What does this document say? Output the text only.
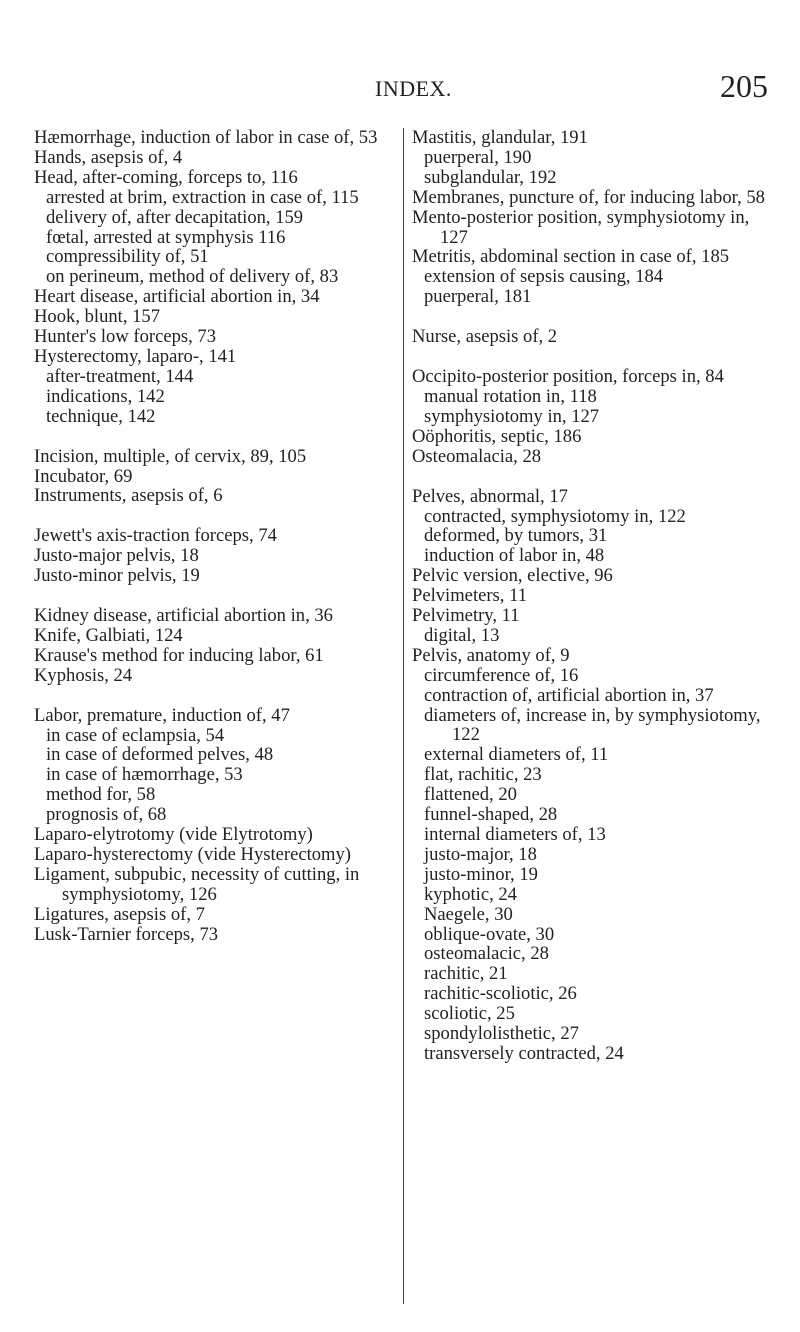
INDEX.	205

Hæmorrhage, induction of labor in case of, 53

Hands, asepsis of, 4

Head, after-coming, forceps to, 116

arrested at brim, extraction in case of, 115

delivery of, after decapitation, 159

fœtal, arrested at symphysis 116

compressibility of, 51

on perineum, method of delivery of, 83

Heart disease, artificial abortion in, 34

Hook, blunt, 157

Hunter's low forceps, 73

Hysterectomy, laparo-, 141

after-treatment, 144

indications, 142

technique, 142

Incision, multiple, of cervix, 89, 105

Incubator, 69

Instruments, asepsis of, 6

Jewett's axis-traction forceps, 74

Justo-major pelvis, 18

Justo-minor pelvis, 19

Kidney disease, artificial abortion in, 36

Knife, Galbiati, 124

Krause's method for inducing labor, 61

Kyphosis, 24

Labor, premature, induction of, 47

in case of eclampsia, 54

in case of deformed pelves, 48

in case of hæmorrhage, 53

method for, 58

prognosis of, 68

Laparo-elytrotomy (vide Elytrotomy)

Laparo-hysterectomy (vide Hysterectomy)

Ligament, subpubic, necessity of cutting, in symphysiotomy, 126

Ligatures, asepsis of, 7

Lusk-Tarnier forceps, 73

Mastitis, glandular, 191

puerperal, 190

subglandular, 192

Membranes, puncture of, for inducing labor, 58

Mento-posterior position, symphysiotomy in, 127

Metritis, abdominal section in case of, 185

extension of sepsis causing, 184

puerperal, 181

Nurse, asepsis of, 2

Occipito-posterior position, forceps in, 84

manual rotation in, 118

symphysiotomy in, 127

Oöphoritis, septic, 186

Osteomalacia, 28

Pelves, abnormal, 17

contracted, symphysiotomy in, 122

deformed, by tumors, 31

induction of labor in, 48

Pelvic version, elective, 96

Pelvimeters, 11

Pelvimetry, 11

digital, 13

Pelvis, anatomy of, 9

circumference of, 16

contraction of, artificial abortion in, 37

diameters of, increase in, by symphysiotomy, 122

external diameters of, 11

flat, rachitic, 23

flattened, 20

funnel-shaped, 28

internal diameters of, 13

justo-major, 18

justo-minor, 19

kyphotic, 24

Naegele, 30

oblique-ovate, 30

osteomalacic, 28

rachitic, 21

rachitic-scoliotic, 26

scoliotic, 25

spondylolisthetic, 27

transversely contracted, 24
